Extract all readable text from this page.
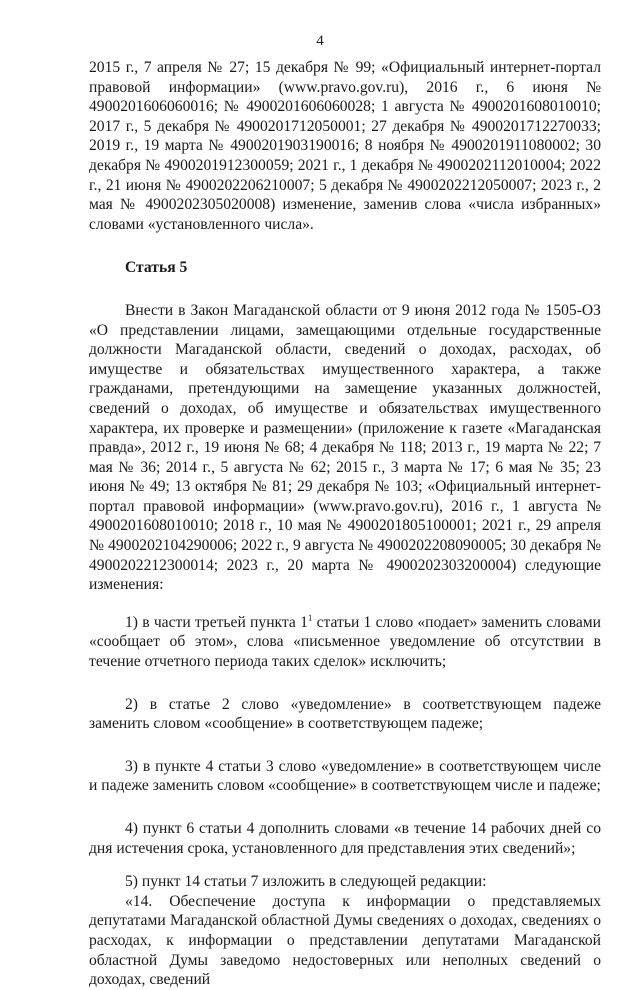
4

2015 г., 7 апреля № 27; 15 декабря № 99; «Официальный интернет-портал правовой информации» (www.pravo.gov.ru), 2016 г., 6 июня № 4900201606060016; № 4900201606060028; 1 августа № 4900201608010010; 2017 г., 5 декабря № 4900201712050001; 27 декабря № 4900201712270033; 2019 г., 19 марта № 4900201903190016; 8 ноября № 4900201911080002; 30 декабря № 4900201912300059; 2021 г., 1 декабря № 4900202112010004; 2022 г., 21 июня № 4900202206210007; 5 декабря № 4900202212050007; 2023 г., 2 мая № 4900202305020008) изменение, заменив слова «числа избранных» словами «установленного числа».

Статья 5

Внести в Закон Магаданской области от 9 июня 2012 года № 1505-ОЗ «О представлении лицами, замещающими отдельные государственные должности Магаданской области, сведений о доходах, расходах, об имуществе и обязательствах имущественного характера, а также гражданами, претендующими на замещение указанных должностей, сведений о доходах, об имуществе и обязательствах имущественного характера, их проверке и размещении» (приложение к газете «Магаданская правда», 2012 г., 19 июня № 68; 4 декабря № 118; 2013 г., 19 марта № 22; 7 мая № 36; 2014 г., 5 августа № 62; 2015 г., 3 марта № 17; 6 мая № 35; 23 июня № 49; 13 октября № 81; 29 декабря № 103; «Официальный интернет-портал правовой информации» (www.pravo.gov.ru), 2016 г., 1 августа № 4900201608010010; 2018 г., 10 мая № 4900201805100001; 2021 г., 29 апреля № 4900202104290006; 2022 г., 9 августа № 4900202208090005; 30 декабря № 4900202212300014; 2023 г., 20 марта № 4900202303200004) следующие изменения:

1) в части третьей пункта $1^1$ статьи 1 слово «подает» заменить словами «сообщает об этом», слова «письменное уведомление об отсутствии в течение отчетного периода таких сделок» исключить;

2) в статье 2 слово «уведомление» в соответствующем падеже заменить словом «сообщение» в соответствующем падеже;

3) в пункте 4 статьи 3 слово «уведомление» в соответствующем числе и падеже заменить словом «сообщение» в соответствующем числе и падеже;

4) пункт 6 статьи 4 дополнить словами «в течение 14 рабочих дней со дня истечения срока, установленного для представления этих сведений»;

5) пункт 14 статьи 7 изложить в следующей редакции:

«14. Обеспечение доступа к информации о представляемых депутатами Магаданской областной Думы сведениях о доходах, сведениях о расходах, к информации о представлении депутатами Магаданской областной Думы заведомо недостоверных или неполных сведений о доходах, сведений
